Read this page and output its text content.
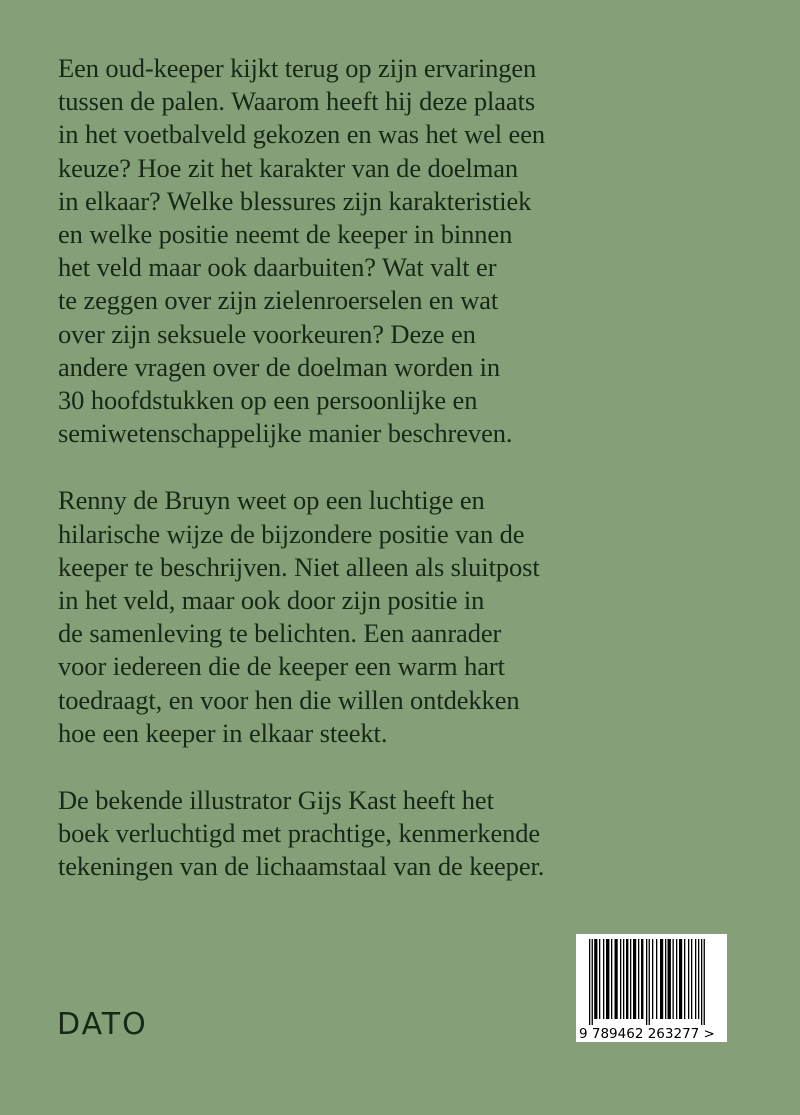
Een oud-keeper kijkt terug op zijn ervaringen
tussen de palen. Waarom heeft hij deze plaats
in het voetbalveld gekozen en was het wel een
keuze? Hoe zit het karakter van de doelman
in elkaar? Welke blessures zijn karakteristiek
en welke positie neemt de keeper in binnen
het veld maar ook daarbuiten? Wat valt er
te zeggen over zijn zielenroerselen en wat
over zijn seksuele voorkeuren? Deze en
andere vragen over de doelman worden in
30 hoofdstukken op een persoonlijke en
semiwetenschappelijke manier beschreven.

Renny de Bruyn weet op een luchtige en
hilarische wijze de bijzondere positie van de
keeper te beschrijven. Niet alleen als sluitpost
in het veld, maar ook door zijn positie in
de samenleving te belichten. Een aanrader
voor iedereen die de keeper een warm hart
toedraagt, en voor hen die willen ontdekken
hoe een keeper in elkaar steekt.

De bekende illustrator Gijs Kast heeft het
boek verluchtigd met prachtige, kenmerkende
tekeningen van de lichaamstaal van de keeper.

DATO	9 789462 263277 >
